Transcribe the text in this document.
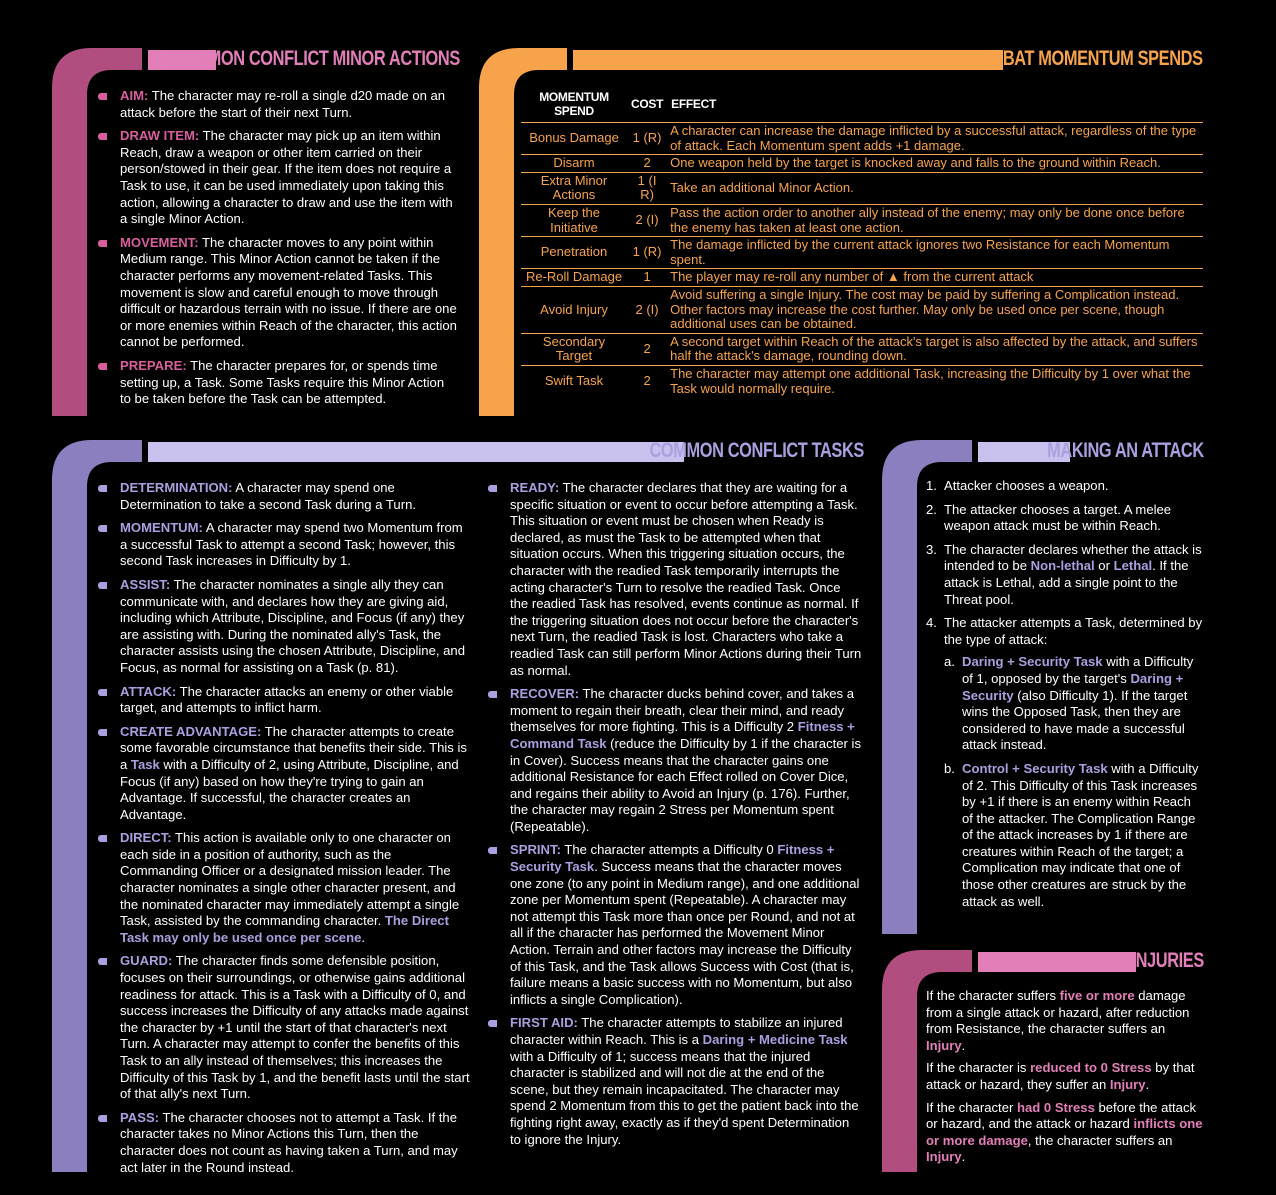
COMMON CONFLICT MINOR ACTIONS
AIM: The character may re-roll a single d20 made on an attack before the start of their next Turn.
DRAW ITEM: The character may pick up an item within Reach, draw a weapon or other item carried on their person/stowed in their gear. If the item does not require a Task to use, it can be used immediately upon taking this action, allowing a character to draw and use the item with a single Minor Action.
MOVEMENT: The character moves to any point within Medium range. This Minor Action cannot be taken if the character performs any movement-related Tasks. This movement is slow and careful enough to move through difficult or hazardous terrain with no issue. If there are one or more enemies within Reach of the character, this action cannot be performed.
PREPARE: The character prepares for, or spends time setting up, a Task. Some Tasks require this Minor Action to be taken before the Task can be attempted.
COMBAT MOMENTUM SPENDS
MOMENTUM SPEND	COST	EFFECT
Bonus Damage	1 (R)	A character can increase the damage inflicted by a successful attack, regardless of the type of attack. Each Momentum spent adds +1 damage.
Disarm	2	One weapon held by the target is knocked away and falls to the ground within Reach.
Extra Minor Actions	1 (I R)	Take an additional Minor Action.
Keep the Initiative	2 (I)	Pass the action order to another ally instead of the enemy; may only be done once before the enemy has taken at least one action.
Penetration	1 (R)	The damage inflicted by the current attack ignores two Resistance for each Momentum spent.
Re-Roll Damage	1	The player may re-roll any number of ▲ from the current attack
Avoid Injury	2 (I)	Avoid suffering a single Injury. The cost may be paid by suffering a Complication instead. Other factors may increase the cost further. May only be used once per scene, though additional uses can be obtained.
Secondary Target	2	A second target within Reach of the attack's target is also affected by the attack, and suffers half the attack's damage, rounding down.
Swift Task	2	The character may attempt one additional Task, increasing the Difficulty by 1 over what the Task would normally require.
COMMON CONFLICT TASKS
DETERMINATION: A character may spend one Determination to take a second Task during a Turn.
MOMENTUM: A character may spend two Momentum from a successful Task to attempt a second Task; however, this second Task increases in Difficulty by 1.
ASSIST: The character nominates a single ally they can communicate with, and declares how they are giving aid, including which Attribute, Discipline, and Focus (if any) they are assisting with. During the nominated ally's Task, the character assists using the chosen Attribute, Discipline, and Focus, as normal for assisting on a Task (p. 81).
ATTACK: The character attacks an enemy or other viable target, and attempts to inflict harm.
CREATE ADVANTAGE: The character attempts to create some favorable circumstance that benefits their side. This is a Task with a Difficulty of 2, using Attribute, Discipline, and Focus (if any) based on how they're trying to gain an Advantage. If successful, the character creates an Advantage.
DIRECT: This action is available only to one character on each side in a position of authority, such as the Commanding Officer or a designated mission leader. The character nominates a single other character present, and the nominated character may immediately attempt a single Task, assisted by the commanding character. The Direct Task may only be used once per scene.
GUARD: The character finds some defensible position, focuses on their surroundings, or otherwise gains additional readiness for attack. This is a Task with a Difficulty of 0, and success increases the Difficulty of any attacks made against the character by +1 until the start of that character's next Turn. A character may attempt to confer the benefits of this Task to an ally instead of themselves; this increases the Difficulty of this Task by 1, and the benefit lasts until the start of that ally's next Turn.
PASS: The character chooses not to attempt a Task. If the character takes no Minor Actions this Turn, then the character does not count as having taken a Turn, and may act later in the Round instead.
READY: The character declares that they are waiting for a specific situation or event to occur before attempting a Task. This situation or event must be chosen when Ready is declared, as must the Task to be attempted when that situation occurs. When this triggering situation occurs, the character with the readied Task temporarily interrupts the acting character's Turn to resolve the readied Task. Once the readied Task has resolved, events continue as normal. If the triggering situation does not occur before the character's next Turn, the readied Task is lost. Characters who take a readied Task can still perform Minor Actions during their Turn as normal.
RECOVER: The character ducks behind cover, and takes a moment to regain their breath, clear their mind, and ready themselves for more fighting. This is a Difficulty 2 Fitness + Command Task (reduce the Difficulty by 1 if the character is in Cover). Success means that the character gains one additional Resistance for each Effect rolled on Cover Dice, and regains their ability to Avoid an Injury (p. 176). Further, the character may regain 2 Stress per Momentum spent (Repeatable).
SPRINT: The character attempts a Difficulty 0 Fitness + Security Task. Success means that the character moves one zone (to any point in Medium range), and one additional zone per Momentum spent (Repeatable). A character may not attempt this Task more than once per Round, and not at all if the character has performed the Movement Minor Action. Terrain and other factors may increase the Difficulty of this Task, and the Task allows Success with Cost (that is, failure means a basic success with no Momentum, but also inflicts a single Complication).
FIRST AID: The character attempts to stabilize an injured character within Reach. This is a Daring + Medicine Task with a Difficulty of 1; success means that the injured character is stabilized and will not die at the end of the scene, but they remain incapacitated. The character may spend 2 Momentum from this to get the patient back into the fighting right away, exactly as if they'd spent Determination to ignore the Injury.
MAKING AN ATTACK
1. Attacker chooses a weapon.
2. The attacker chooses a target. A melee weapon attack must be within Reach.
3. The character declares whether the attack is intended to be Non-lethal or Lethal. If the attack is Lethal, add a single point to the Threat pool.
4. The attacker attempts a Task, determined by the type of attack:
a. Daring + Security Task with a Difficulty of 1, opposed by the target's Daring + Security (also Difficulty 1). If the target wins the Opposed Task, then they are considered to have made a successful attack instead.
b. Control + Security Task with a Difficulty of 2. This Difficulty of this Task increases by +1 if there is an enemy within Reach of the attacker. The Complication Range of the attack increases by 1 if there are creatures within Reach of the target; a Complication may indicate that one of those other creatures are struck by the attack as well.
INJURIES

If the character suffers five or more damage from a single attack or hazard, after reduction from Resistance, the character suffers an Injury.

If the character is reduced to 0 Stress by that attack or hazard, they suffer an Injury.

If the character had 0 Stress before the attack or hazard, and the attack or hazard inflicts one or more damage, the character suffers an Injury.
